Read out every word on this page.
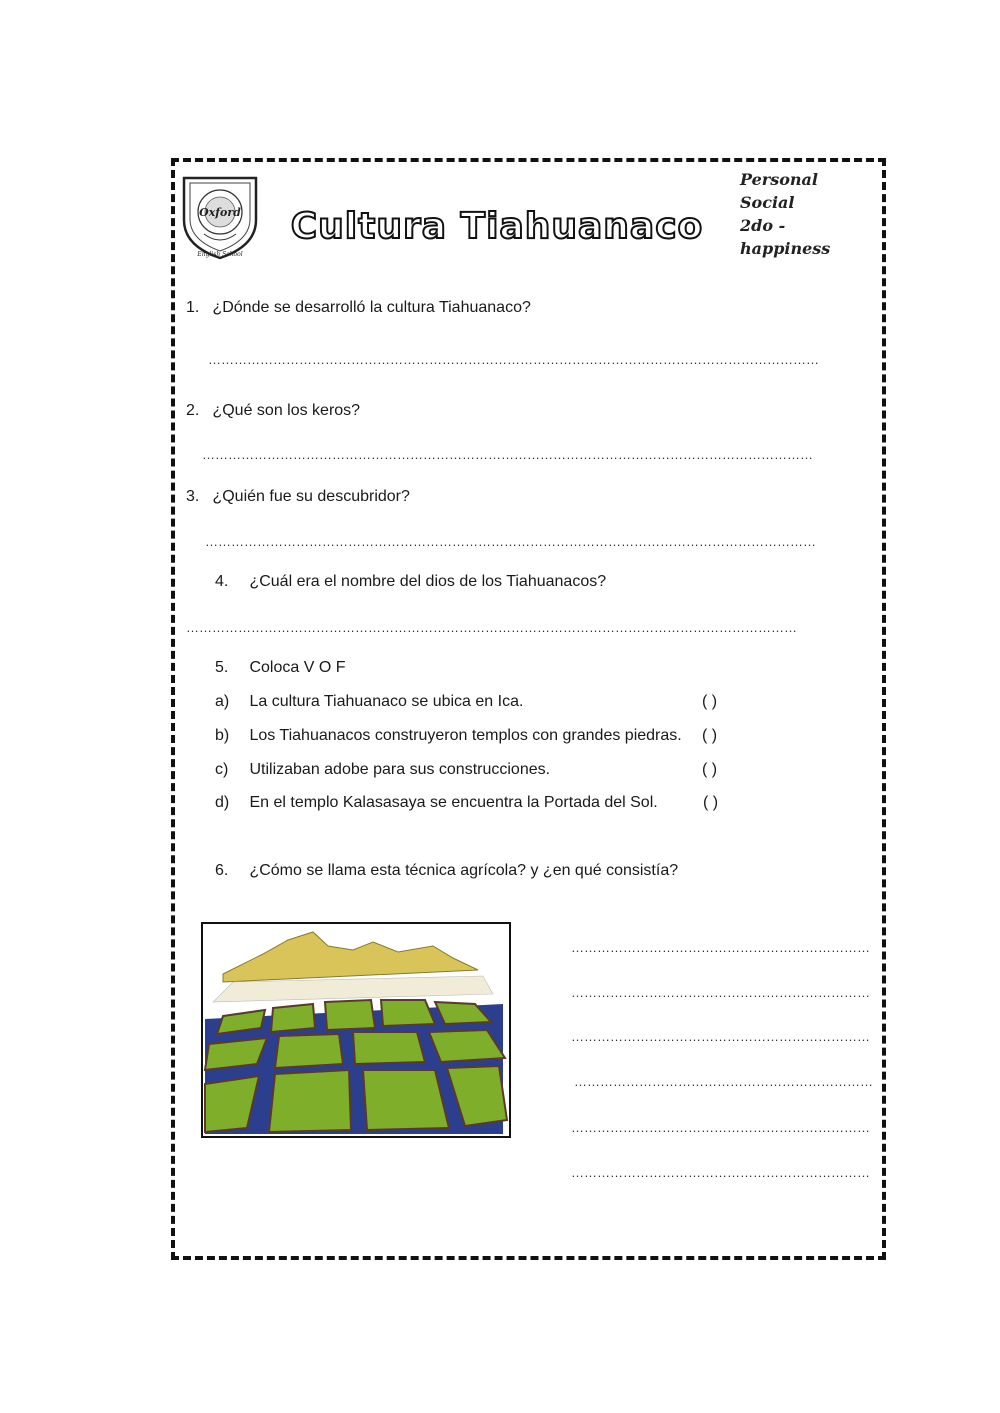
Oxford
English School
Cultura Tiahuanaco
Personal Social
2do - happiness
1. ¿Dónde se desarrolló la cultura Tiahuanaco?
……………………………………………………………………………………………………………………………
2. ¿Qué son los keros?
……………………………………………………………………………………………………………………………
3. ¿Quién fue su descubridor?
……………………………………………………………………………………………………………………………
4. ¿Cuál era el nombre del dios de los Tiahuanacos?
……………………………………………………………………………………………………………………………
5. Coloca V O F
a) La cultura Tiahuanaco se ubica en Ica.	( )
b) Los Tiahuanacos construyeron templos con grandes piedras. ( )
c) Utilizaban adobe para sus construcciones.	( )
d) En el templo Kalasasaya se encuentra la Portada del Sol.	( )
6. ¿Cómo se llama esta técnica agrícola? y ¿en qué consistía?
……………………………………………………………
……………………………………………………………
……………………………………………………………
……………………………………………………………
……………………………………………………………
……………………………………………………………
